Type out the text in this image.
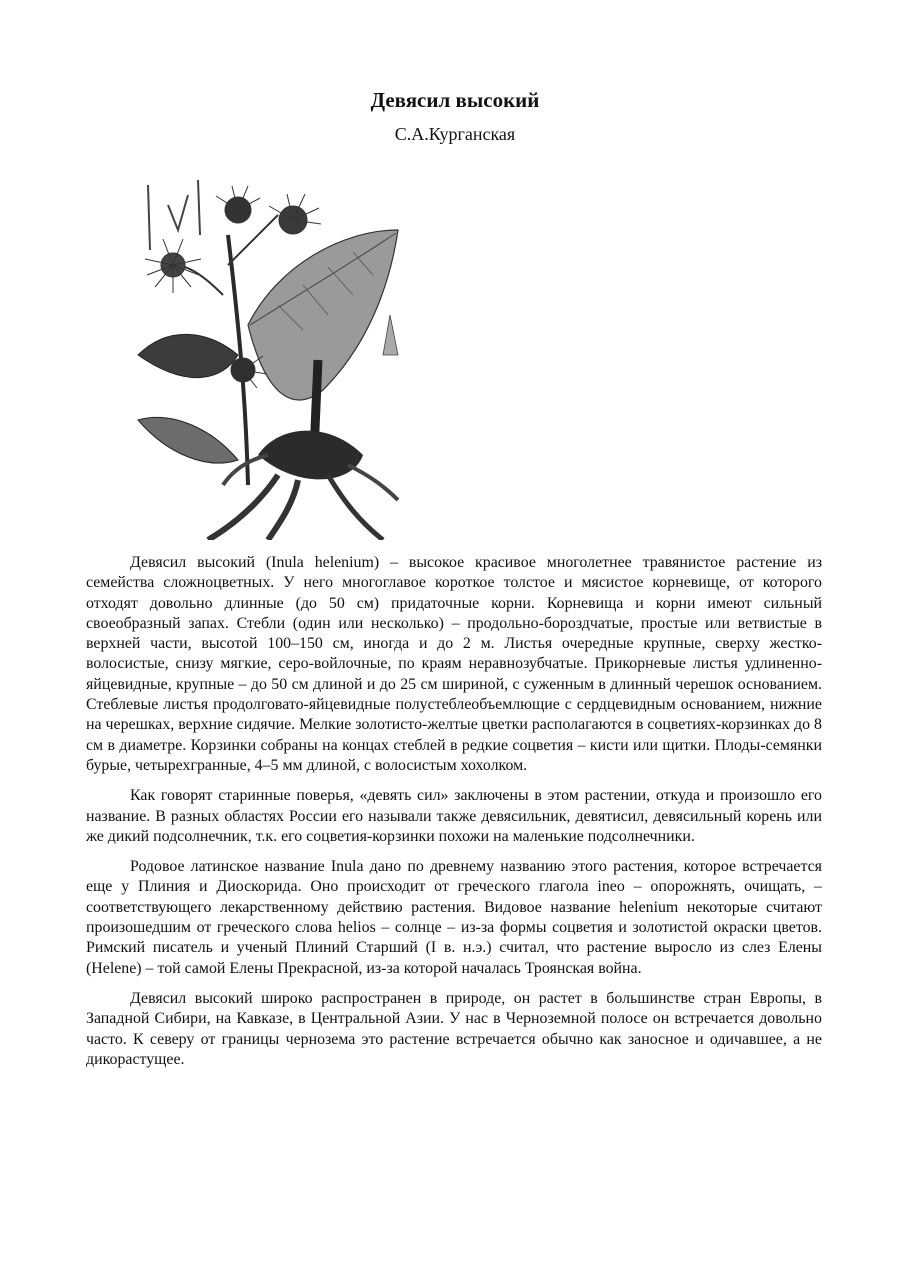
Девясил высокий
С.А.Курганская

Девясил высокий (Inula helenium) – высокое красивое многолетнее травянистое растение из семейства сложноцветных. У него многоглавое короткое толстое и мясистое корневище, от которого отходят довольно длинные (до 50 см) придаточные корни. Корневища и корни имеют сильный своеобразный запах. Стебли (один или несколько) – продольно-бороздчатые, простые или ветвистые в верхней части, высотой 100–150 см, иногда и до 2 м. Листья очередные крупные, сверху жестко-волосистые, снизу мягкие, серо-войлочные, по краям неравнозубчатые. Прикорневые листья удлиненно-яйцевидные, крупные – до 50 см длиной и до 25 см шириной, с суженным в длинный черешок основанием. Стеблевые листья продолговато-яйцевидные полустеблеобъемлющие с сердцевидным основанием, нижние на черешках, верхние сидячие. Мелкие золотисто-желтые цветки располагаются в соцветиях-корзинках до 8 см в диаметре. Корзинки собраны на концах стеблей в редкие соцветия – кисти или щитки. Плоды-семянки бурые, четырехгранные, 4–5 мм длиной, с волосистым хохолком.

Как говорят старинные поверья, «девять сил» заключены в этом растении, откуда и произошло его название. В разных областях России его называли также девясильник, девятисил, девясильный корень или же дикий подсолнечник, т.к. его соцветия-корзинки похожи на маленькие подсолнечники.

Родовое латинское название Inula дано по древнему названию этого растения, которое встречается еще у Плиния и Диоскорида. Оно происходит от греческого глагола ineo – опорожнять, очищать, – соответствующего лекарственному действию растения. Видовое название helenium некоторые считают произошедшим от греческого слова helios – солнце – из-за формы соцветия и золотистой окраски цветов. Римский писатель и ученый Плиний Старший (I в. н.э.) считал, что растение выросло из слез Елены (Helene) – той самой Елены Прекрасной, из-за которой началась Троянская война.

Девясил высокий широко распространен в природе, он растет в большинстве стран Европы, в Западной Сибири, на Кавказе, в Центральной Азии. У нас в Черноземной полосе он встречается довольно часто. К северу от границы чернозема это растение встречается обычно как заносное и одичавшее, а не дикорастущее.
